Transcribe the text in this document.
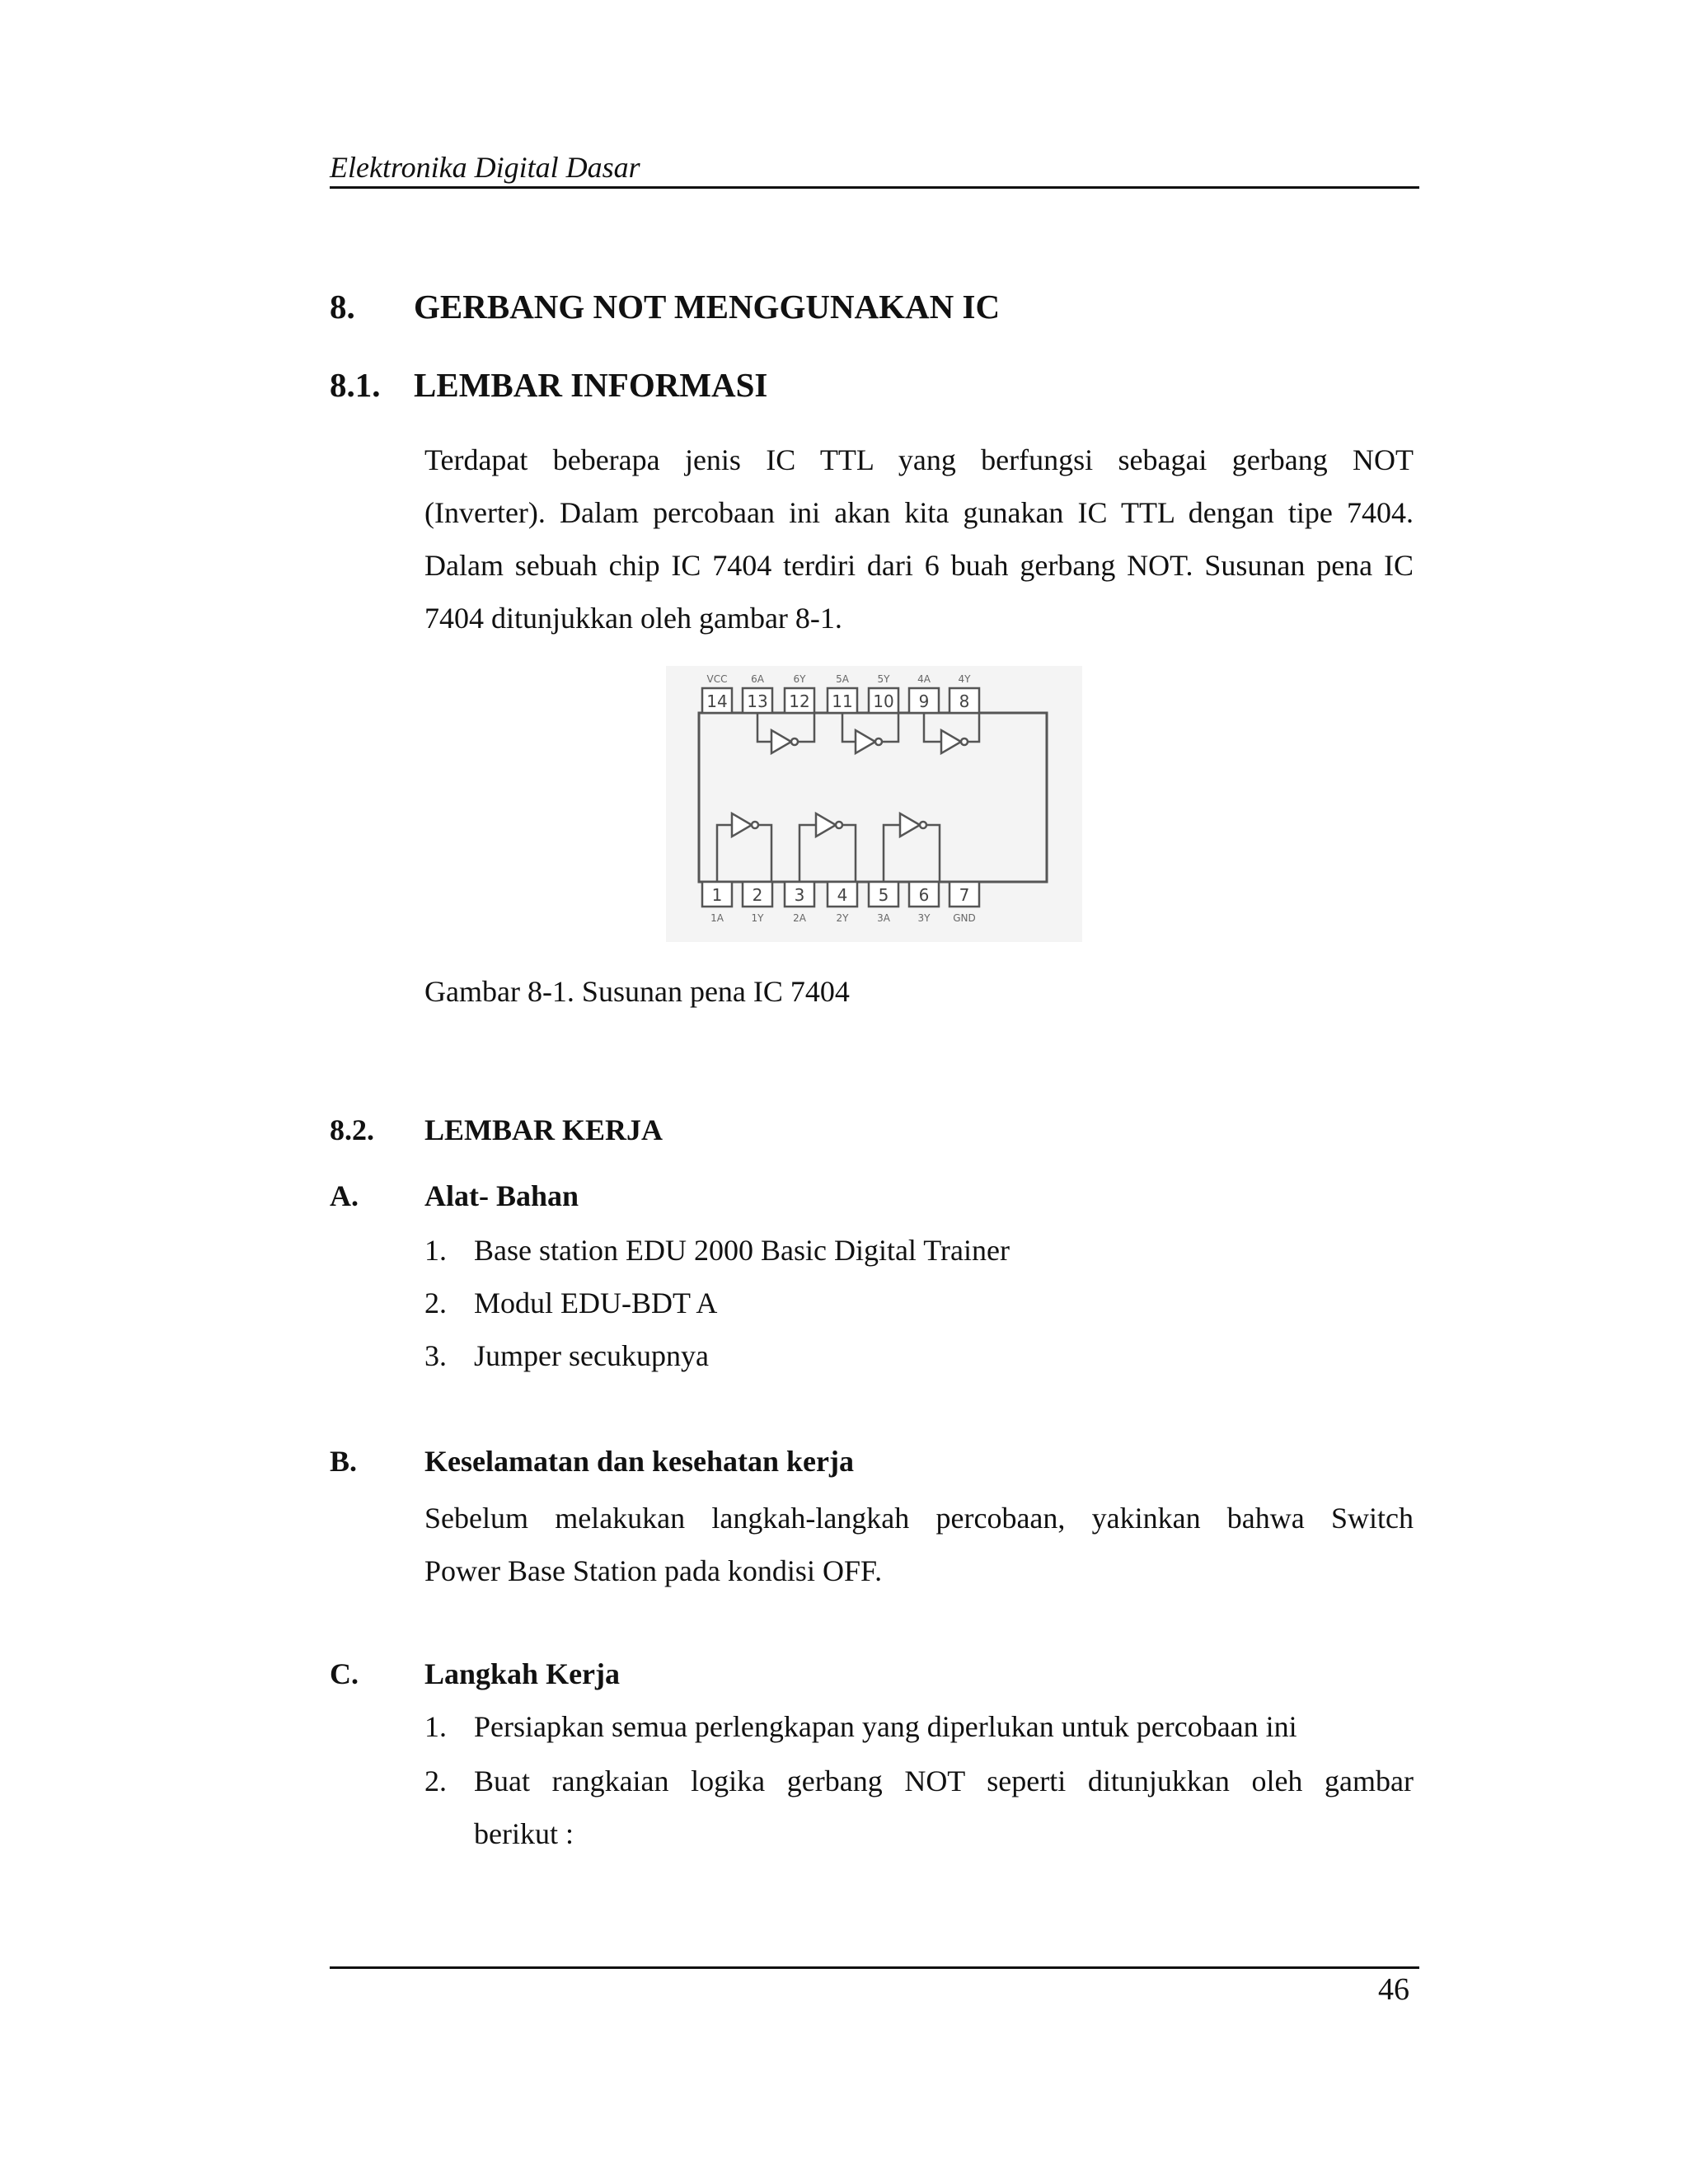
Elektronika Digital Dasar
8. GERBANG NOT MENGGUNAKAN IC
8.1. LEMBAR INFORMASI
Terdapat beberapa jenis IC TTL yang berfungsi sebagai gerbang NOT
(Inverter). Dalam percobaan ini akan kita gunakan IC TTL dengan tipe 7404.
Dalam sebuah chip IC 7404 terdiri dari 6 buah gerbang NOT. Susunan pena IC
7404 ditunjukkan oleh gambar 8-1.
14
VCC
13
6A
12
6Y
11
5A
10
5Y
9
4A
8
4Y
1
1A
2
1Y
3
2A
4
2Y
5
3A
6
3Y
7
GND
Gambar 8-1. Susunan pena IC 7404
8.2. LEMBAR KERJA
A. Alat- Bahan
1. Base station EDU 2000 Basic Digital Trainer
2. Modul EDU-BDT A
3. Jumper secukupnya
B. Keselamatan dan kesehatan kerja
Sebelum melakukan langkah-langkah percobaan, yakinkan bahwa Switch
Power Base Station pada kondisi OFF.
C. Langkah Kerja
1. Persiapkan semua perlengkapan yang diperlukan untuk percobaan ini
2. Buat rangkaian logika gerbang NOT seperti ditunjukkan oleh gambar
berikut :
46
